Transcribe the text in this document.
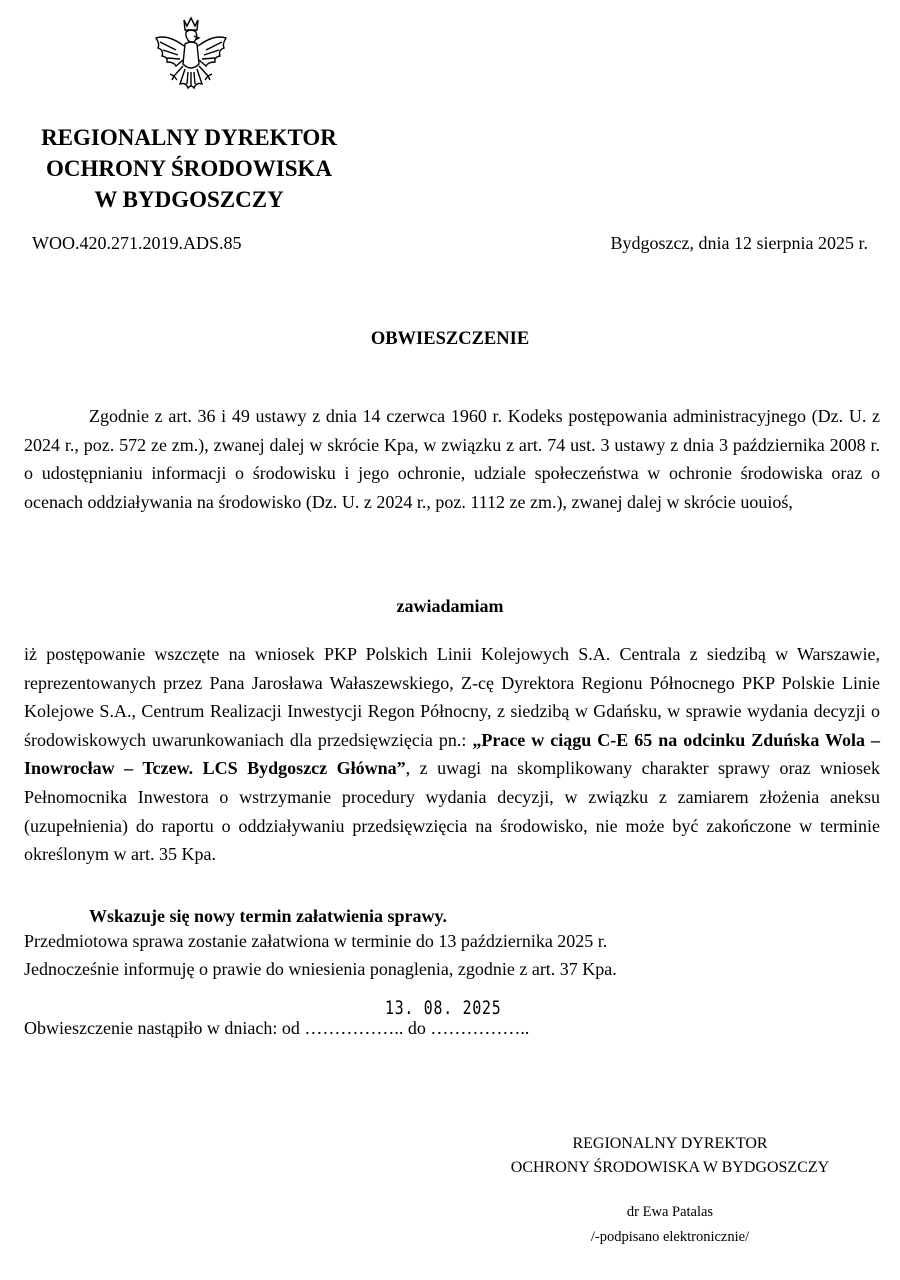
REGIONALNY DYREKTOR
OCHRONY ŚRODOWISKA
W BYDGOSZCZY
WOO.420.271.2019.ADS.85	Bydgoszcz, dnia 12 sierpnia 2025 r.
OBWIESZCZENIE
Zgodnie z art. 36 i 49 ustawy z dnia 14 czerwca 1960 r. Kodeks postępowania administracyjnego (Dz. U. z 2024 r., poz. 572 ze zm.), zwanej dalej w skrócie Kpa, w związku z art. 74 ust. 3 ustawy z dnia 3 października 2008 r. o udostępnianiu informacji o środowisku i jego ochronie, udziale społeczeństwa w ochronie środowiska oraz o ocenach oddziaływania na środowisko (Dz. U. z 2024 r., poz. 1112 ze zm.), zwanej dalej w skrócie uouioś,
zawiadamiam
iż postępowanie wszczęte na wniosek PKP Polskich Linii Kolejowych S.A. Centrala z siedzibą w Warszawie, reprezentowanych przez Pana Jarosława Wałaszewskiego, Z-cę Dyrektora Regionu Północnego PKP Polskie Linie Kolejowe S.A., Centrum Realizacji Inwestycji Regon Północny, z siedzibą w Gdańsku, w sprawie wydania decyzji o środowiskowych uwarunkowaniach dla przedsięwzięcia pn.: „Prace w ciągu C-E 65 na odcinku Zduńska Wola – Inowrocław – Tczew. LCS Bydgoszcz Główna”, z uwagi na skomplikowany charakter sprawy oraz wniosek Pełnomocnika Inwestora o wstrzymanie procedury wydania decyzji, w związku z zamiarem złożenia aneksu (uzupełnienia) do raportu o oddziaływaniu przedsięwzięcia na środowisko, nie może być zakończone w terminie określonym w art. 35 Kpa.
Wskazuje się nowy termin załatwienia sprawy.
Przedmiotowa sprawa zostanie załatwiona w terminie do 13 października 2025 r.
Jednocześnie informuję o prawie do wniesienia ponaglenia, zgodnie z art. 37 Kpa.
13. 08. 2025
Obwieszczenie nastąpiło w dniach: od …………….. do ……………..
REGIONALNY DYREKTOR
OCHRONY ŚRODOWISKA W BYDGOSZCZY
dr Ewa Patalas
/-podpisano elektronicznie/
